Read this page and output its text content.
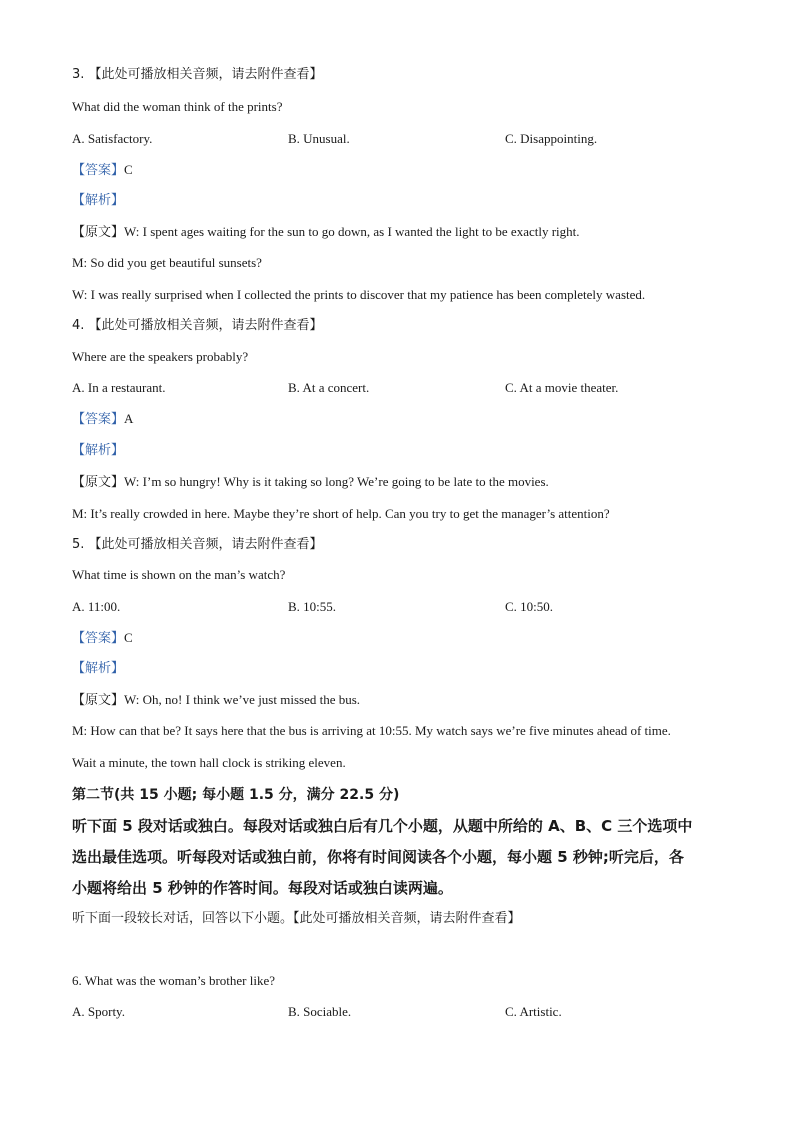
3. 【此处可播放相关音频，请去附件查看】
What did the woman think of the prints?
A. Satisfactory.	B. Unusual.	C. Disappointing.
【答案】C
【解析】
【原文】W: I spent ages waiting for the sun to go down, as I wanted the light to be exactly right.
M: So did you get beautiful sunsets?
W: I was really surprised when I collected the prints to discover that my patience has been completely wasted.
4. 【此处可播放相关音频，请去附件查看】
Where are the speakers probably?
A. In a restaurant.	B. At a concert.	C. At a movie theater.
【答案】A
【解析】
【原文】W: I’m so hungry! Why is it taking so long? We’re going to be late to the movies.
M: It’s really crowded in here. Maybe they’re short of help. Can you try to get the manager’s attention?
5. 【此处可播放相关音频，请去附件查看】
What time is shown on the man’s watch?
A. 11:00.	B. 10:55.	C. 10:50.
【答案】C
【解析】
【原文】W: Oh, no! I think we’ve just missed the bus.
M: How can that be? It says here that the bus is arriving at 10:55. My watch says we’re five minutes ahead of time.
Wait a minute, the town hall clock is striking eleven.
第二节(共 15 小题; 每小题 1.5 分，满分 22.5 分)
听下面 5 段对话或独白。每段对话或独白后有几个小题，从题中所给的 A、B、C 三个选项中
选出最佳选项。听每段对话或独白前，你将有时间阅读各个小题，每小题 5 秒钟;听完后，各
小题将给出 5 秒钟的作答时间。每段对话或独白读两遍。
听下面一段较长对话，回答以下小题。【此处可播放相关音频，请去附件查看】
6. What was the woman’s brother like?
A. Sporty.	B. Sociable.	C. Artistic.
